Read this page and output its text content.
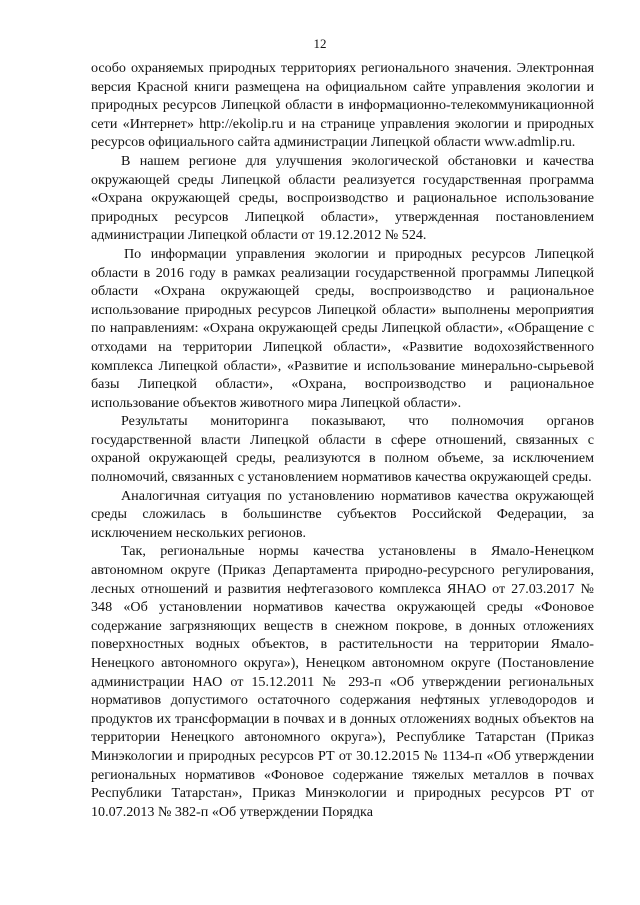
12

особо охраняемых природных территориях регионального значения. Электронная версия Красной книги размещена на официальном сайте управления экологии и природных ресурсов Липецкой области в информационно-телекоммуникационной сети «Интернет» http://ekolip.ru и на странице управления экологии и природных ресурсов официального сайта администрации Липецкой области www.admlip.ru.

В нашем регионе для улучшения экологической обстановки и качества окружающей среды Липецкой области реализуется государственная программа «Охрана окружающей среды, воспроизводство и рациональное использование природных ресурсов Липецкой области», утвержденная постановлением администрации Липецкой области от 19.12.2012 № 524.

По информации управления экологии и природных ресурсов Липецкой области в 2016 году в рамках реализации государственной программы Липецкой области «Охрана окружающей среды, воспроизводство и рациональное использование природных ресурсов Липецкой области» выполнены мероприятия по направлениям: «Охрана окружающей среды Липецкой области», «Обращение с отходами на территории Липецкой области», «Развитие водохозяйственного комплекса Липецкой области», «Развитие и использование минерально-сырьевой базы Липецкой области», «Охрана, воспроизводство и рациональное использование объектов животного мира Липецкой области».

Результаты мониторинга показывают, что полномочия органов государственной власти Липецкой области в сфере отношений, связанных с охраной окружающей среды, реализуются в полном объеме, за исключением полномочий, связанных с установлением нормативов качества окружающей среды.

Аналогичная ситуация по установлению нормативов качества окружающей среды сложилась в большинстве субъектов Российской Федерации, за исключением нескольких регионов.

Так, региональные нормы качества установлены в Ямало-Ненецком автономном округе (Приказ Департамента природно-ресурсного регулирования, лесных отношений и развития нефтегазового комплекса ЯНАО от 27.03.2017 № 348 «Об установлении нормативов качества окружающей среды «Фоновое содержание загрязняющих веществ в снежном покрове, в донных отложениях поверхностных водных объектов, в растительности на территории Ямало-Ненецкого автономного округа»), Ненецком автономном округе (Постановление администрации НАО от 15.12.2011 № 293-п «Об утверждении региональных нормативов допустимого остаточного содержания нефтяных углеводородов и продуктов их трансформации в почвах и в донных отложениях водных объектов на территории Ненецкого автономного округа»), Республике Татарстан (Приказ Минэкологии и природных ресурсов РТ от 30.12.2015 № 1134-п «Об утверждении региональных нормативов «Фоновое содержание тяжелых металлов в почвах Республики Татарстан», Приказ Минэкологии и природных ресурсов РТ от 10.07.2013 № 382-п «Об утверждении Порядка
